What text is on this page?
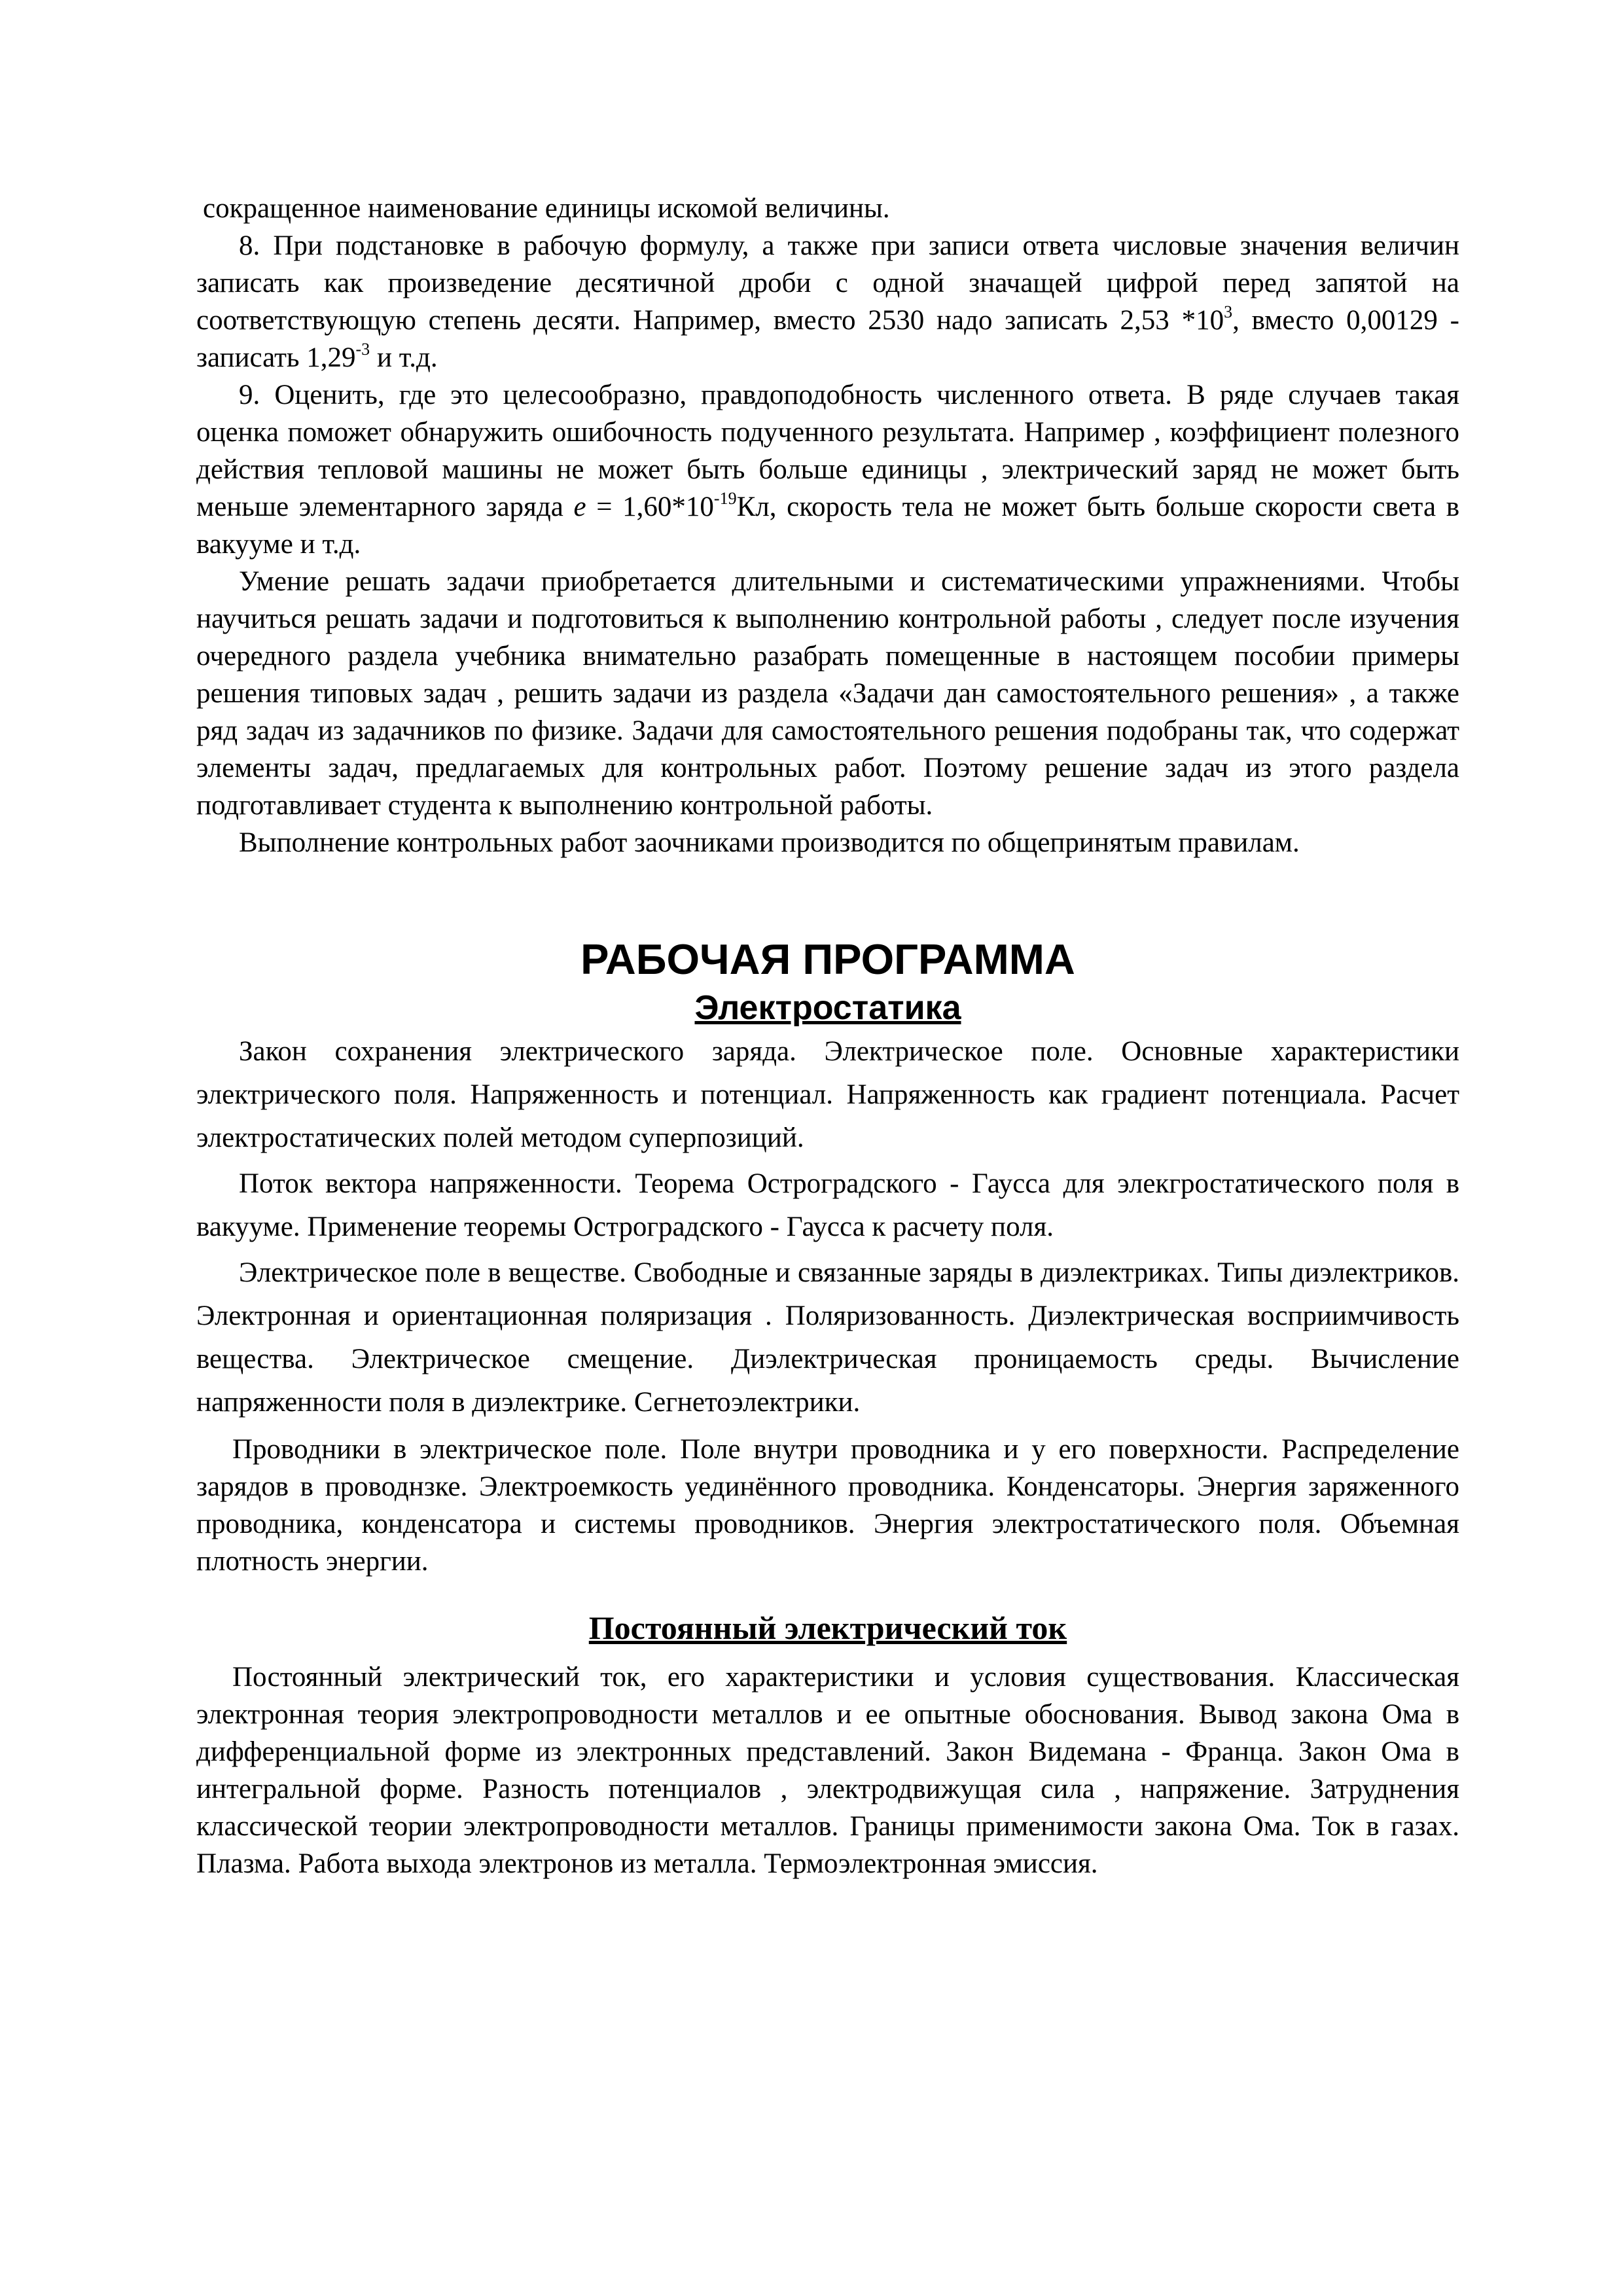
сокращенное наименование единицы искомой величины.

8. При подстановке в рабочую формулу, а также при записи ответа числовые значения величин записать как произведение десятичной дроби с одной значащей цифрой перед запятой на соответствующую степень десяти. Например, вместо 2530 надо записать 2,53 $*10^3$, вместо 0,00129 - записать $1,29^{-3}$ и т.д.

9. Оценить, где это целесообразно, правдоподобность численного ответа. В ряде случаев такая оценка поможет обнаружить ошибочность подученного результата. Например , коэффициент полезного действия тепловой машины не может быть больше единицы , электрический заряд не может быть меньше элементарного заряда $е = 1,60*10^{-19}Кл$, скорость тела не может быть больше скорости света в вакууме и т.д.

Умение решать задачи приобретается длительными и систематическими упражнениями. Чтобы научиться решать задачи и подготовиться к выполнению контрольной работы , следует после изучения очередного раздела учебника внимательно разабрать помещенные в настоящем пособии примеры решения типовых задач , решить задачи из раздела «Задачи дан самостоятельного решения» , а также ряд задач из задачников по физике. Задачи для самостоятельного решения подобраны так, что содержат элементы задач, предлагаемых для контрольных работ. Поэтому решение задач из этого раздела подготавливает студента к выполнению контрольной работы.

Выполнение контрольных работ заочниками производится по общепринятым правилам.

РАБОЧАЯ ПРОГРАММА
Электростатика

Закон сохранения электрического заряда. Электрическое поле. Основные характеристики электрического поля. Напряженность и потенциал. Напряженность как градиент потенциала. Расчет электростатических полей методом суперпозиций.

Поток вектора напряженности. Теорема Остроградского - Гаусса для элекгростатического поля в вакууме. Применение теоремы Остроградского - Гаусса к расчету поля.

Электрическое поле в веществе. Свободные и связанные заряды в диэлектриках. Типы диэлектриков. Электронная и ориентационная поляризация . Поляризованность. Диэлектрическая восприимчивость вещества. Электрическое смещение. Диэлектрическая проницаемость среды. Вычисление напряженности поля в диэлектрике. Сегнетоэлектрики.

Проводники в электрическое поле. Поле внутри проводника и у его поверхности. Распределение зарядов в проводнзке. Электроемкость уединённого проводника. Конденсаторы. Энергия заряженного проводника, конденсатора и системы проводников. Энергия электростатического поля. Объемная плотность энергии.

Постоянный электрический ток

Постоянный электрический ток, его характеристики и условия существования. Классическая электронная теория электропроводности металлов и ее опытные обоснования. Вывод закона Ома в дифференциальной форме из электронных представлений. Закон Видемана - Франца. Закон Ома в интегральной форме. Разность потенциалов , электродвижущая сила , напряжение. Затруднения классической теории электропроводности металлов. Границы применимости закона Ома. Ток в газах. Плазма. Работа выхода электронов из металла. Термоэлектронная эмиссия.
